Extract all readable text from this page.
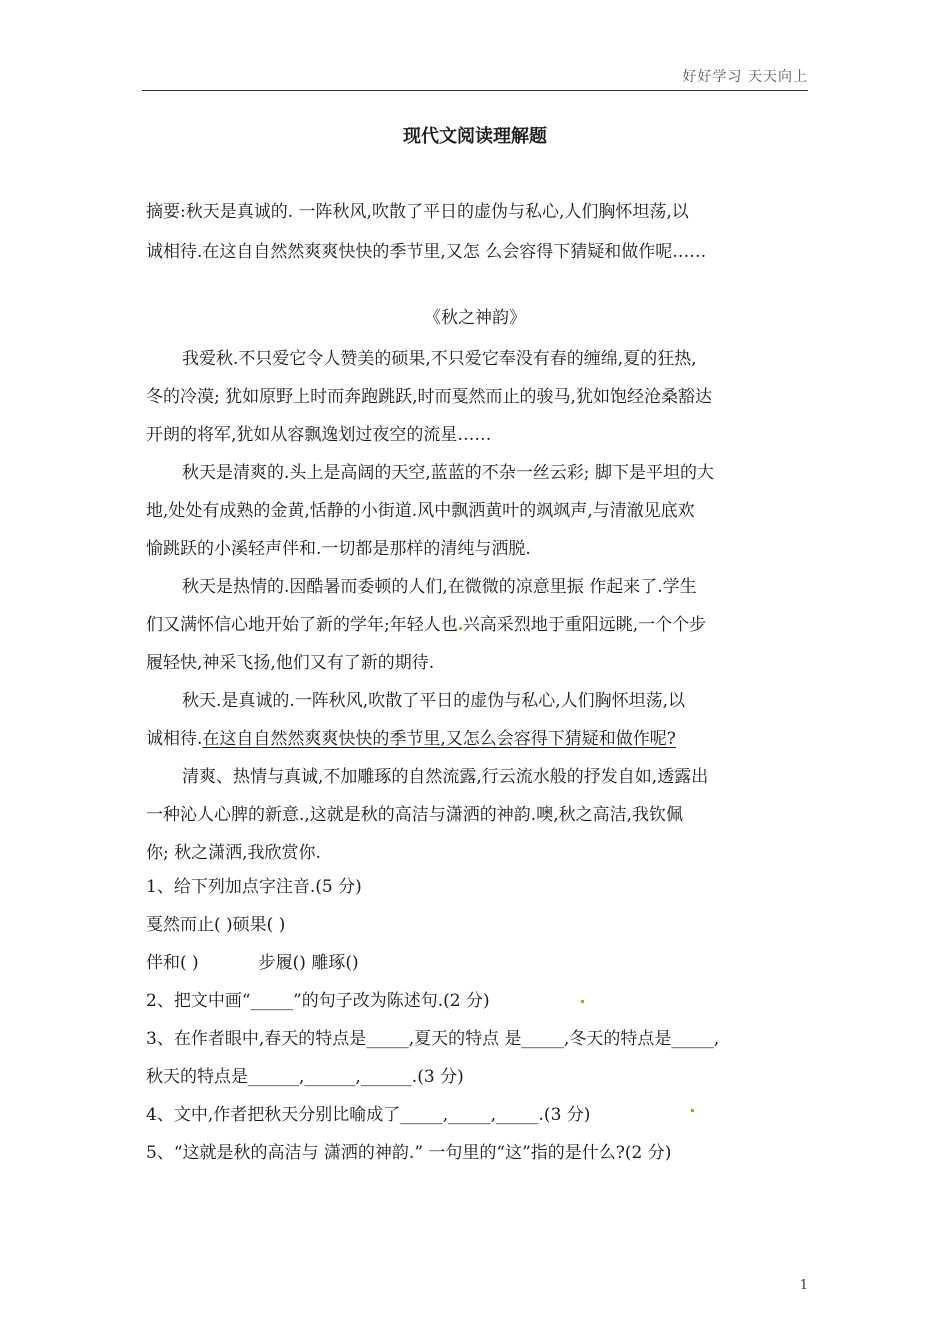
好好学习 天天向上
现代文阅读理解题
摘要:秋天是真诚的. 一阵秋风,吹散了平日的虚伪与私心,人们胸怀坦荡,以
诚相待.在这自自然然爽爽快快的季节里,又怎 么会容得下猜疑和做作呢……
《秋之神韵》

我爱秋.不只爱它令人赞美的硕果,不只爱它奉没有春的缠绵,夏的狂热,

冬的冷漠; 犹如原野上时而奔跑跳跃,时而戛然而止的骏马,犹如饱经沧桑豁达

开朗的将军,犹如从容飘逸划过夜空的流星……

秋天是清爽的.头上是高阔的天空,蓝蓝的不杂一丝云彩; 脚下是平坦的大

地,处处有成熟的金黄,恬静的小街道.风中飘洒黄叶的飒飒声,与清澈见底欢

愉跳跃的小溪轻声伴和.一切都是那样的清纯与洒脱.

秋天是热情的.因酷暑而委顿的人们,在微微的凉意里振 作起来了.学生

们又满怀信心地开始了新的学年;年轻人也 兴高采烈地于重阳远眺,一个个步

履轻快,神采飞扬,他们又有了新的期待.

秋天.是真诚的.一阵秋风,吹散了平日的虚伪与私心,人们胸怀坦荡,以

诚相待.在这自自然然爽爽快快的季节里,又怎么会容得下猜疑和做作呢?

清爽、热情与真诚,不加雕琢的自然流露,行云流水般的抒发自如,透露出

一种沁人心脾的新意.,这就是秋的高洁与潇洒的神韵.噢,秋之高洁,我钦佩

你; 秋之潇洒,我欣赏你.

1、给下列加点字注音.(5 分)

戛然而止( )硕果( )

伴和( )	步履() 雕琢()

2、把文中画“_____”的句子改为陈述句.(2 分)

3、在作者眼中,春天的特点是_____,夏天的特点 是_____,冬天的特点是_____,

秋天的特点是______,______,______.(3 分)

4、文中,作者把秋天分别比喻成了_____,_____,_____.(3 分)

5、“这就是秋的高洁与 潇洒的神韵.” 一句里的“这”指的是什么?(2 分)

1
